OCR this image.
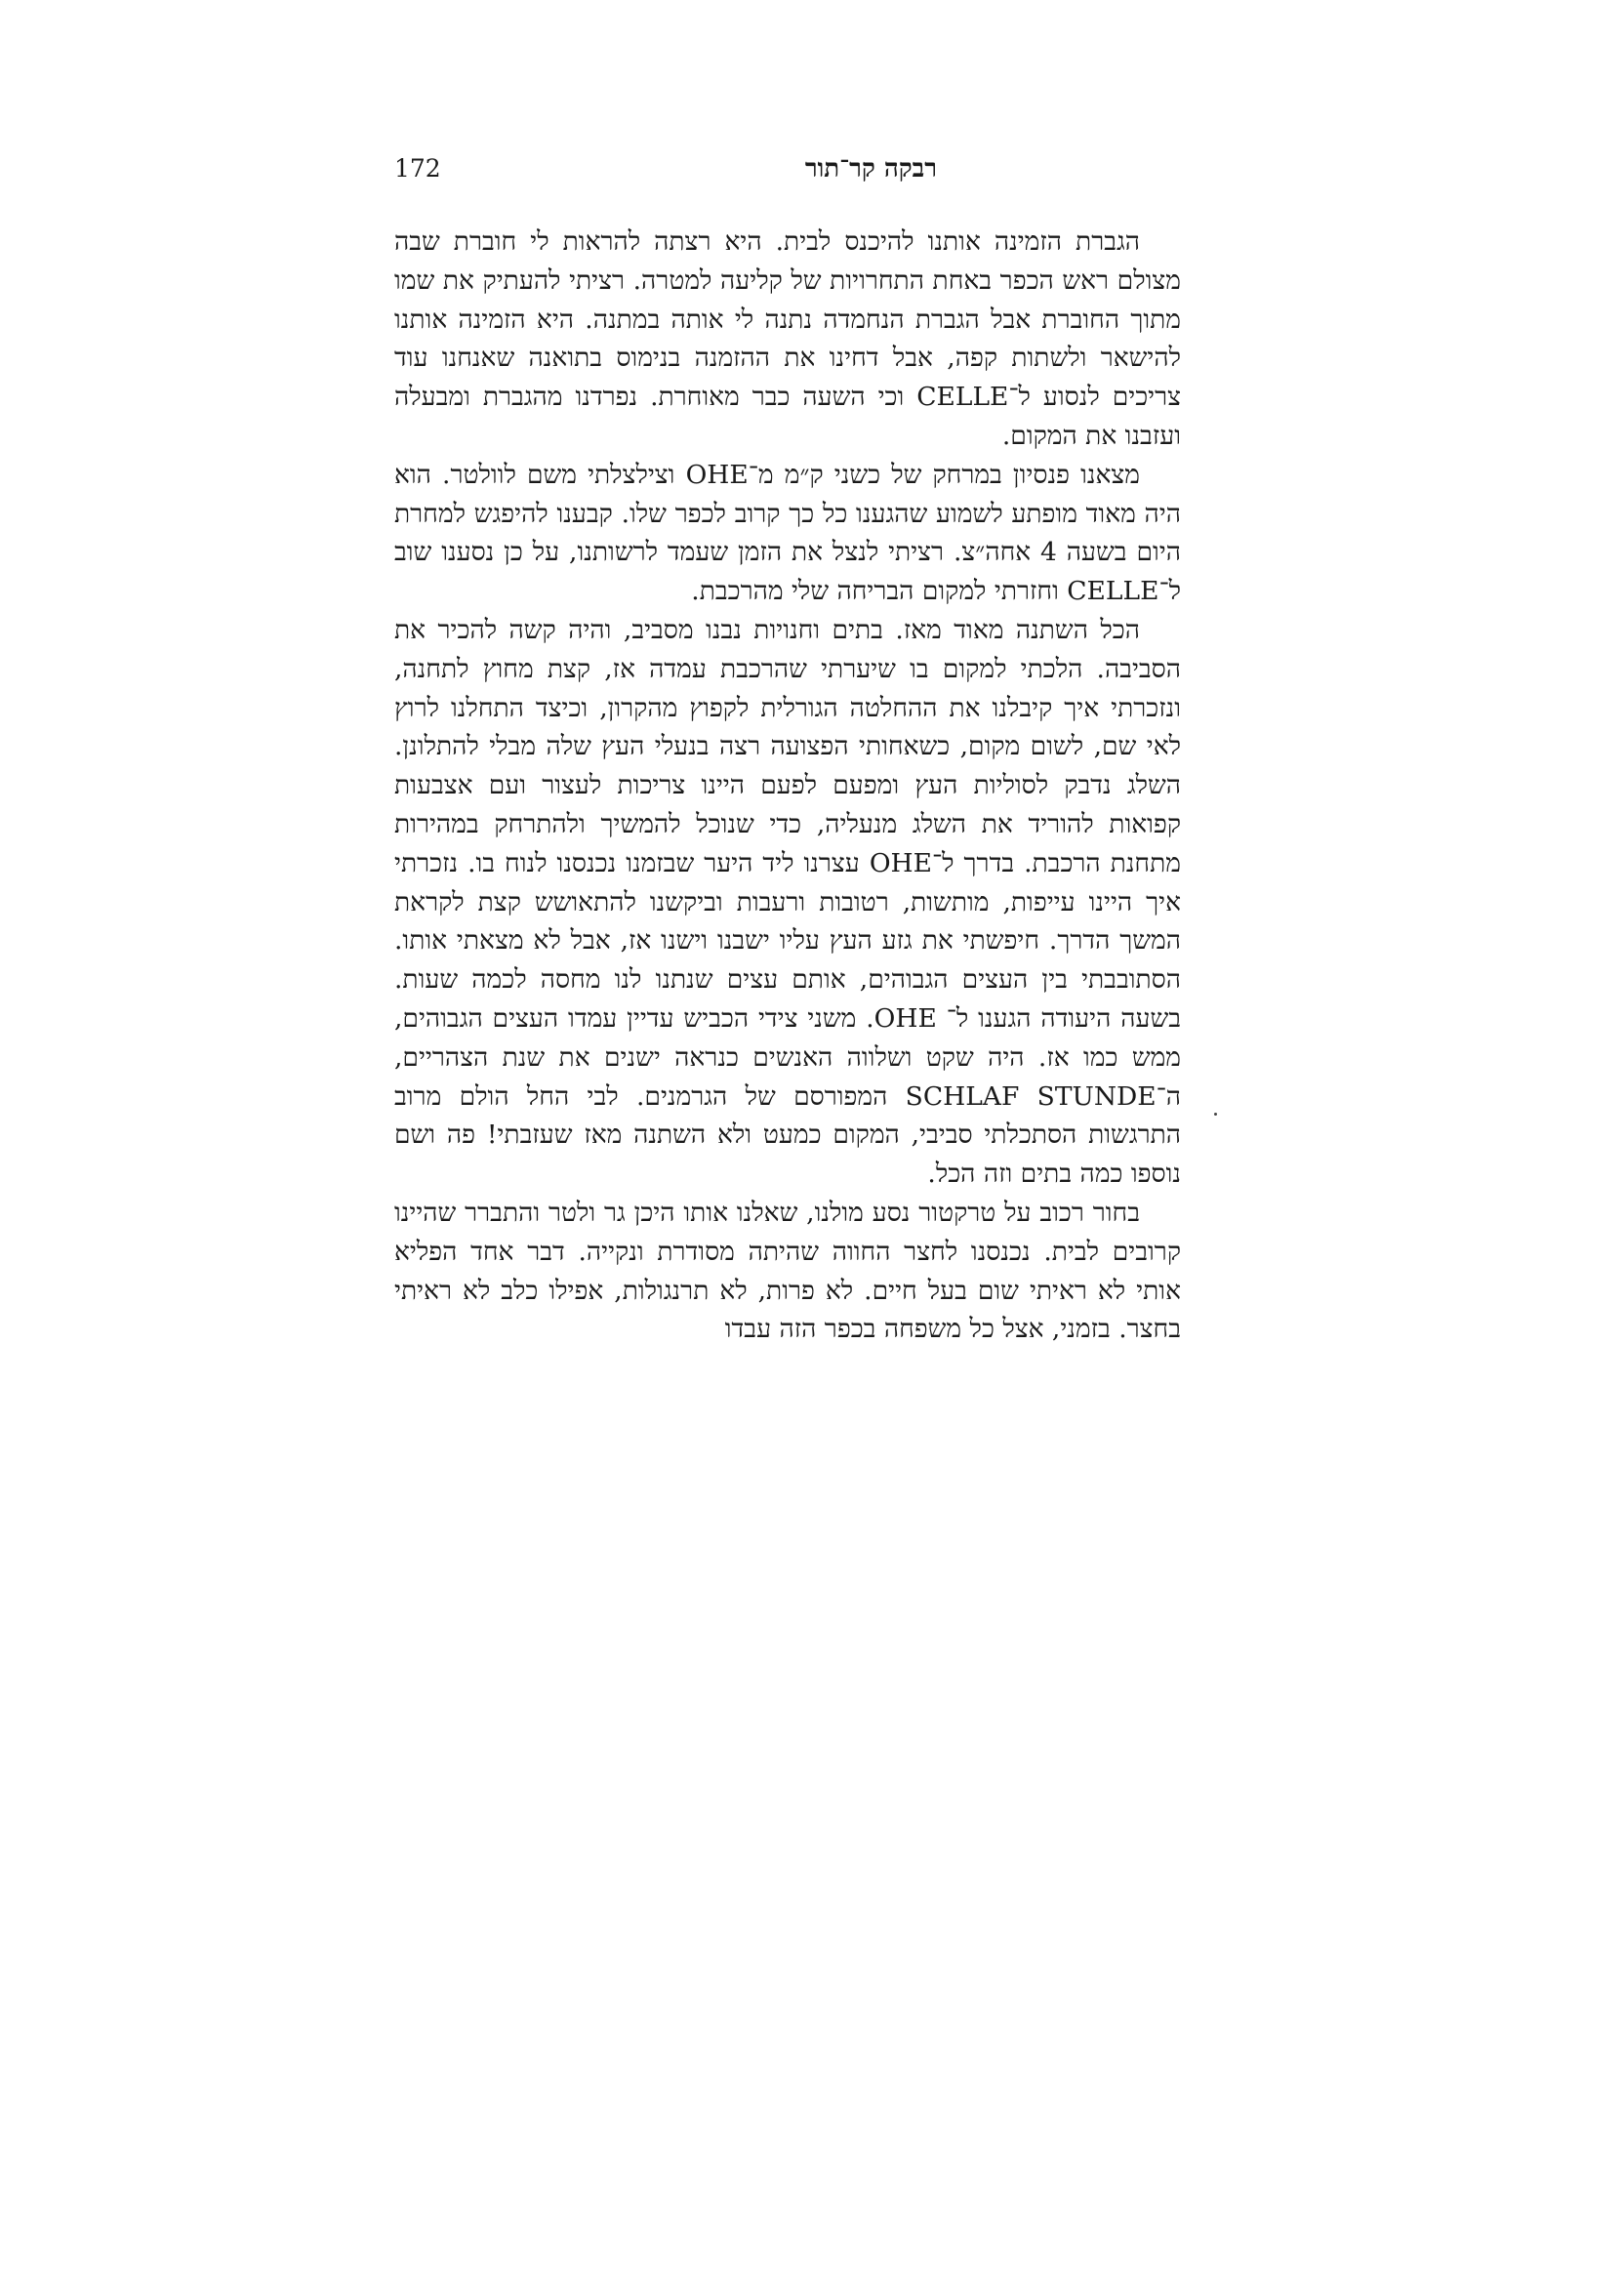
רבקה קר־תור
172

הגברת הזמינה אותנו להיכנס לבית. היא רצתה להראות לי חוברת שבה מצולם ראש הכפר באחת התחרויות של קליעה למטרה. רציתי להעתיק את שמו מתוך החוברת אבל הגברת הנחמדה נתנה לי אותה במתנה. היא הזמינה אותנו להישאר ולשתות קפה, אבל דחינו את ההזמנה בנימוס בתואנה שאנחנו עוד צריכים לנסוע ל־CELLE וכי השעה כבר מאוחרת. נפרדנו מהגברת ומבעלה ועזבנו את המקום.

מצאנו פנסיון במרחק של כשני ק״מ מ־OHE וצילצלתי משם לוולטר. הוא היה מאוד מופתע לשמוע שהגענו כל כך קרוב לכפר שלו. קבענו להיפגש למחרת היום בשעה 4 אחה״צ. רציתי לנצל את הזמן שעמד לרשותנו, על כן נסענו שוב ל־CELLE וחזרתי למקום הבריחה שלי מהרכבת.

הכל השתנה מאוד מאז. בתים וחנויות נבנו מסביב, והיה קשה להכיר את הסביבה. הלכתי למקום בו שיערתי שהרכבת עמדה אז, קצת מחוץ לתחנה, ונזכרתי איך קיבלנו את ההחלטה הגורלית לקפוץ מהקרון, וכיצד התחלנו לרוץ לאי שם, לשום מקום, כשאחותי הפצועה רצה בנעלי העץ שלה מבלי להתלונן. השלג נדבק לסוליות העץ ומפעם לפעם היינו צריכות לעצור ועם אצבעות קפואות להוריד את השלג מנעליה, כדי שנוכל להמשיך ולהתרחק במהירות מתחנת הרכבת. בדרך ל־OHE עצרנו ליד היער שבזמנו נכנסנו לנוח בו. נזכרתי איך היינו עייפות, מותשות, רטובות ורעבות וביקשנו להתאושש קצת לקראת המשך הדרך. חיפשתי את גזע העץ עליו ישבנו וישנו אז, אבל לא מצאתי אותו. הסתובבתי בין העצים הגבוהים, אותם עצים שנתנו לנו מחסה לכמה שעות. בשעה היעודה הגענו ל־ OHE. משני צידי הכביש עדיין עמדו העצים הגבוהים, ממש כמו אז. היה שקט ושלווה האנשים כנראה ישנים את שנת הצהריים, ה־SCHLAF STUNDE המפורסם של הגרמנים. לבי החל הולם מרוב התרגשות הסתכלתי סביבי, המקום כמעט ולא השתנה מאז שעזבתי! פה ושם נוספו כמה בתים וזה הכל.

בחור רכוב על טרקטור נסע מולנו, שאלנו אותו היכן גר ולטר והתברר שהיינו קרובים לבית. נכנסנו לחצר החווה שהיתה מסודרת ונקייה. דבר אחד הפליא אותי לא ראיתי שום בעל חיים. לא פרות, לא תרנגולות, אפילו כלב לא ראיתי בחצר. בזמני, אצל כל משפחה בכפר הזה עבדו
